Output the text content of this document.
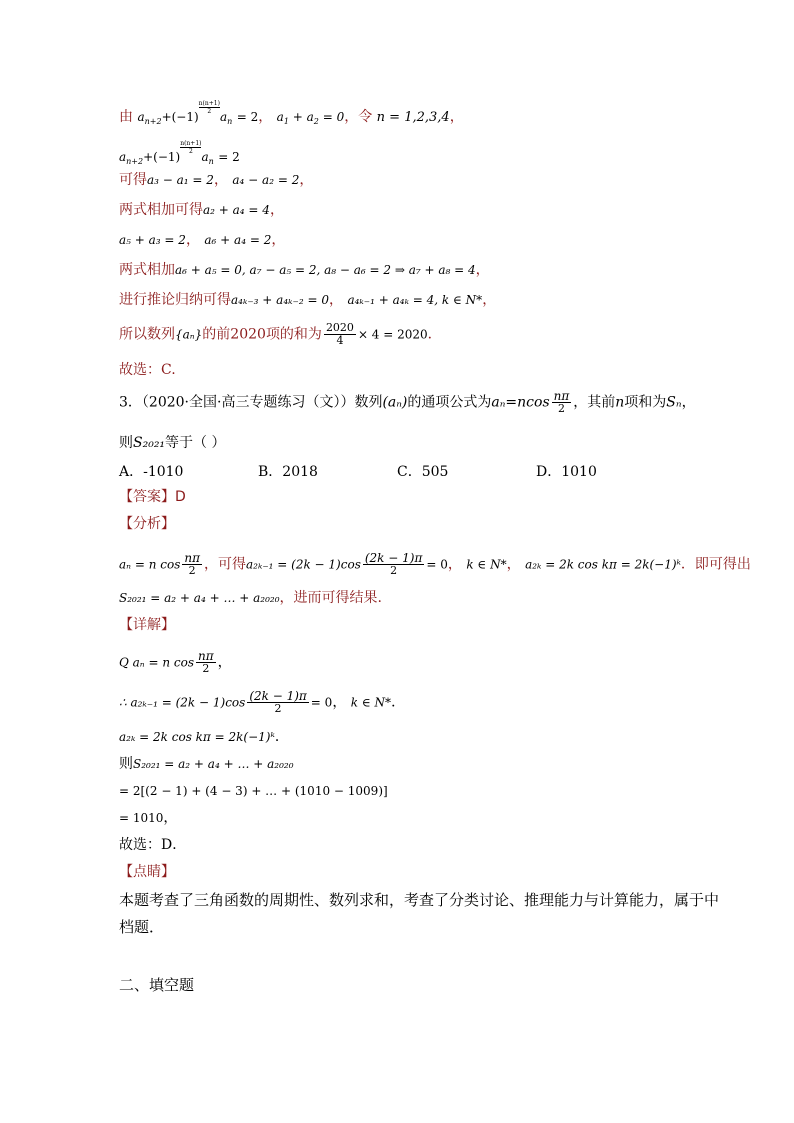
由 $a_{n+2}+(-1)$
$\frac{n(n+1)}{2}$
$a_n = 2$， $a_1 + a_2 = 0$，令 n = 1,2,3,4，
$a_{n+2}+(-1)$
$\frac{n(n+1)}{2}$
$a_n = 2$
可得a₃ − a₁ = 2， a₄ − a₂ = 2，
两式相加可得a₂ + a₄ = 4，
a₅ + a₃ = 2， a₆ + a₄ = 2，
两式相加a₆ + a₅ = 0, a₇ − a₅ = 2, a₈ − a₆ = 2 ⇒ a₇ + a₈ = 4，
进行推论归纳可得a₄ₖ₋₃ + a₄ₖ₋₂ = 0， a₄ₖ₋₁ + a₄ₖ = 4, k ∈ N*，
所以数列{aₙ}的前2020项的和为 $\frac{2020}{4} \times 4 = 2020$．
故选：C.
3．（2020·全国·高三专题练习（文））数列(aₙ)的通项公式为$a_n=ncos \frac{n\pi}{2}$ ，其前n项和为Sₙ，
则S₂₀₂₁等于（ ）
A．-1010	B．2018	C．505	D．1010
【答案】D
【分析】
aₙ = n $\cos \frac{n\pi}{2}$ ，可得$a_{2k-1} = (2k - 1)\cos \frac{(2k - 1)\pi}{2} = 0$， k ∈ N*， a₂ₖ = 2k cos kπ = 2k(−1)ᵏ．即可得出
S₂₀₂₁ = a₂ + a₄ + … + a₂₀₂₀，进而可得结果.
【详解】
Q aₙ = n $\cos \frac{n\pi}{2}$ ，
∴ $a_{2k-1} = (2k - 1)\cos \frac{(2k - 1)\pi}{2} = 0$， k ∈ N*．
a₂ₖ = 2k cos kπ = 2k(−1)ᵏ．
则S₂₀₂₁ = a₂ + a₄ + … + a₂₀₂₀
= 2[(2 − 1) + (4 − 3) + … + (1010 − 1009)]
= 1010，
故选：D．
【点睛】
本题考查了三角函数的周期性、数列求和，考查了分类讨论、推理能力与计算能力，属于中
档题．
二、填空题
